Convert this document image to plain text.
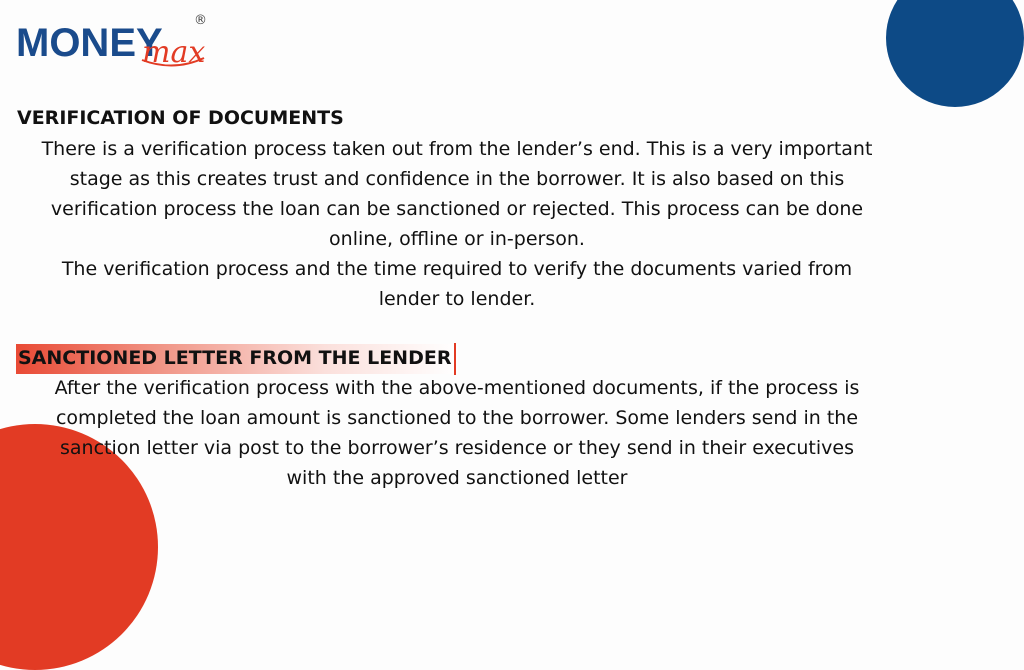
MONEY
max
®
VERIFICATION OF DOCUMENTS
There is a verification process taken out from the lender’s end. This is a very important
stage as this creates trust and confidence in the borrower. It is also based on this
verification process the loan can be sanctioned or rejected. This process can be done
online, offline or in-person.
The verification process and the time required to verify the documents varied from
lender to lender.
SANCTIONED LETTER FROM THE LENDER
After the verification process with the above-mentioned documents, if the process is
completed the loan amount is sanctioned to the borrower. Some lenders send in the
sanction letter via post to the borrower’s residence or they send in their executives
with the approved sanctioned letter
